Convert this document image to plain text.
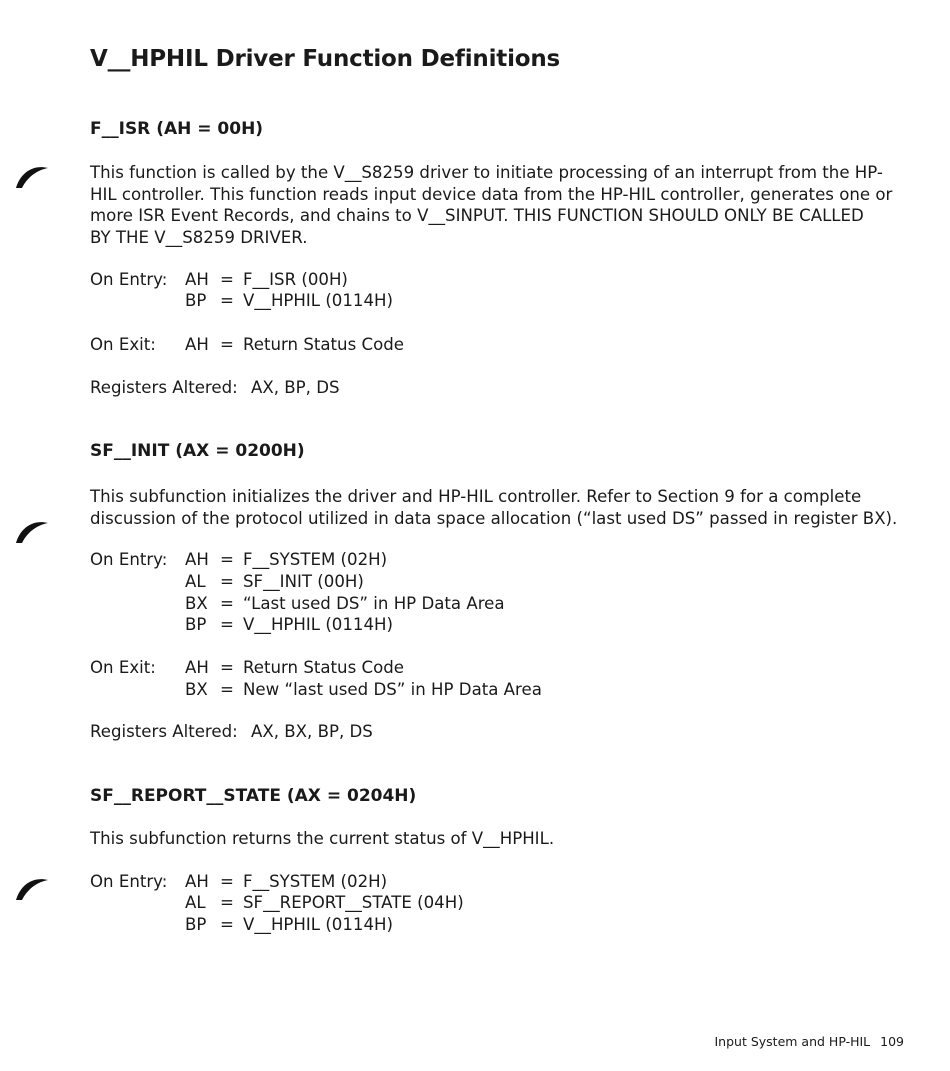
V__HPHIL Driver Function Definitions
F__ISR (AH = 00H)
This function is called by the V__S8259 driver to initiate processing of an interrupt from the HP-
HIL controller. This function reads input device data from the HP-HIL controller, generates one or
more ISR Event Records, and chains to V__SINPUT. THIS FUNCTION SHOULD ONLY BE CALLED
BY THE V__S8259 DRIVER.
On Entry: AH = F__ISR (00H)
BP = V__HPHIL (0114H)
On Exit: AH = Return Status Code
Registers Altered: AX, BP, DS
SF__INIT (AX = 0200H)
This subfunction initializes the driver and HP-HIL controller. Refer to Section 9 for a complete
discussion of the protocol utilized in data space allocation (“last used DS” passed in register BX).
On Entry: AH = F__SYSTEM (02H)
AL = SF__INIT (00H)
BX = “Last used DS” in HP Data Area
BP = V__HPHIL (0114H)
On Exit: AH = Return Status Code
BX = New “last used DS” in HP Data Area
Registers Altered: AX, BX, BP, DS
SF__REPORT__STATE (AX = 0204H)
This subfunction returns the current status of V__HPHIL.
On Entry: AH = F__SYSTEM (02H)
AL = SF__REPORT__STATE (04H)
BP = V__HPHIL (0114H)
Input System and HP-HIL 109
